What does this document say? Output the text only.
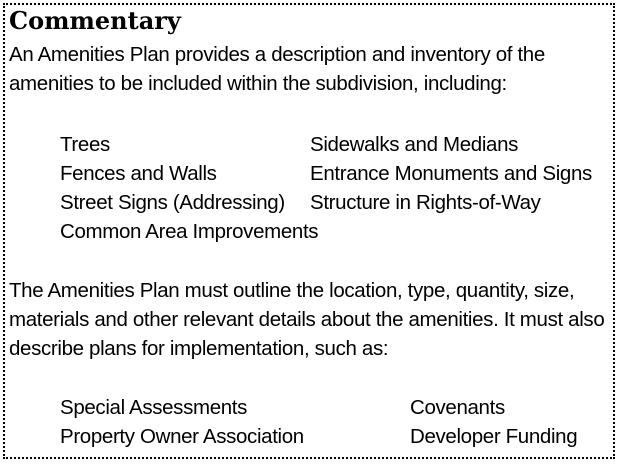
Commentary

An Amenities Plan provides a description and inventory of the amenities to be included within the subdivision, including:

Trees
Fences and Walls
Street Signs (Addressing)
Common Area Improvements
Sidewalks and Medians
Entrance Monuments and Signs
Structure in Rights-of-Way

The Amenities Plan must outline the location, type, quantity, size, materials and other relevant details about the amenities. It must also describe plans for implementation, such as:

Special Assessments
Property Owner Association
Covenants
Developer Funding
